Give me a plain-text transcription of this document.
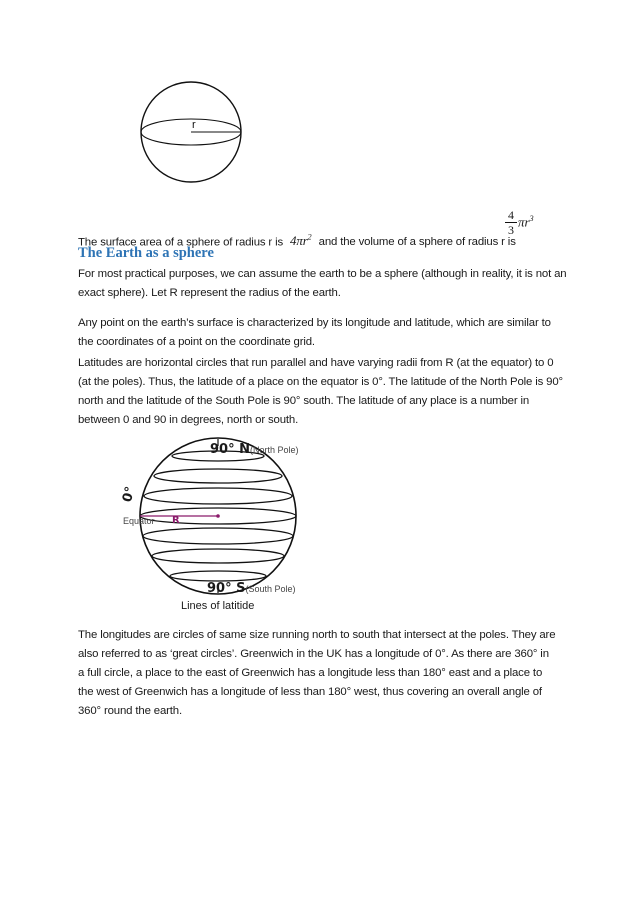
r
The surface area of a sphere of radius r is $4\pi r^2$ and the volume of a sphere of radius r is
$\frac{4}{3} \pi r^3$
The Earth as a sphere
For most practical purposes, we can assume the earth to be a sphere (although in reality, it is not an exact sphere). Let R represent the radius of the earth.
Any point on the earth’s surface is characterized by its longitude and latitude, which are similar to the coordinates of a point on the coordinate grid.
Latitudes are horizontal circles that run parallel and have varying radii from R (at the equator) to 0 (at the poles). Thus, the latitude of a place on the equator is 0°. The latitude of the North Pole is 90° north and the latitude of the South Pole is 90° south. The latitude of any place is a number in between 0 and 90 in degrees, north or south.
90° N(North Pole)
90° S(South Pole)
0°
Equator R
Lines of latitide
The longitudes are circles of same size running north to south that intersect at the poles. They are also referred to as ‘great circles’. Greenwich in the UK has a longitude of 0°. As there are 360° in a full circle, a place to the east of Greenwich has a longitude less than 180° east and a place to the west of Greenwich has a longitude of less than 180° west, thus covering an overall angle of 360° round the earth.
